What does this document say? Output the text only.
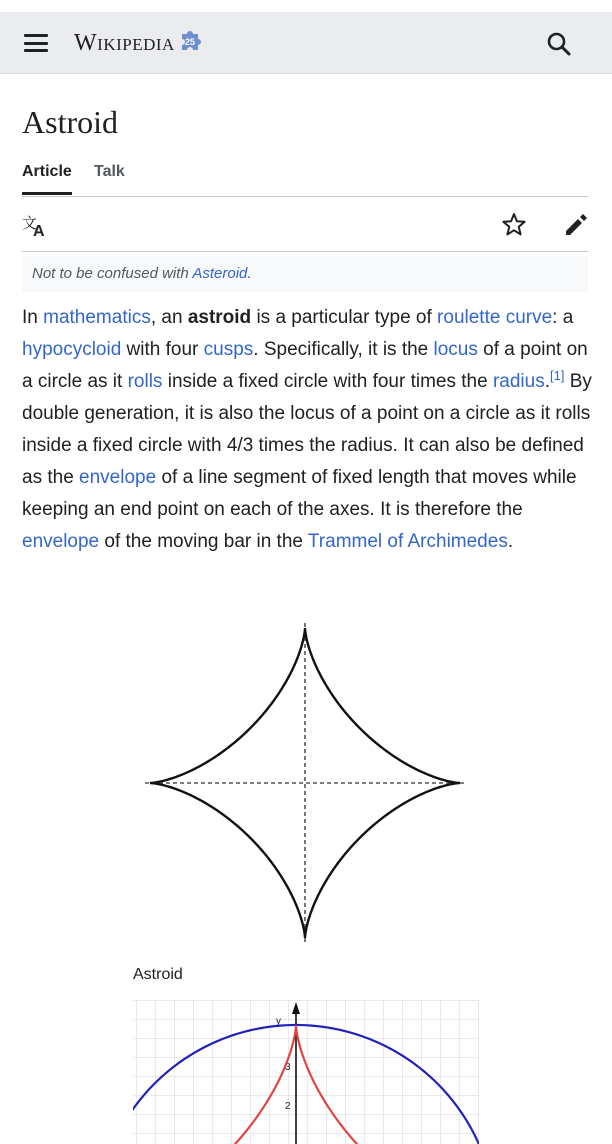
Wikipedia 25
Astroid
Article Talk
文
A
Not to be confused with Asteroid.

In mathematics, an astroid is a particular type of roulette curve: a hypocycloid with four cusps. Specifically, it is the locus of a point on a circle as it rolls inside a fixed circle with four times the radius.[1] By double generation, it is also the locus of a point on a circle as it rolls inside a fixed circle with 4/3 times the radius. It can also be defined as the envelope of a line segment of fixed length that moves while keeping an end point on each of the axes. It is therefore the envelope of the moving bar in the Trammel of Archimedes.

Astroid
y
3
2
